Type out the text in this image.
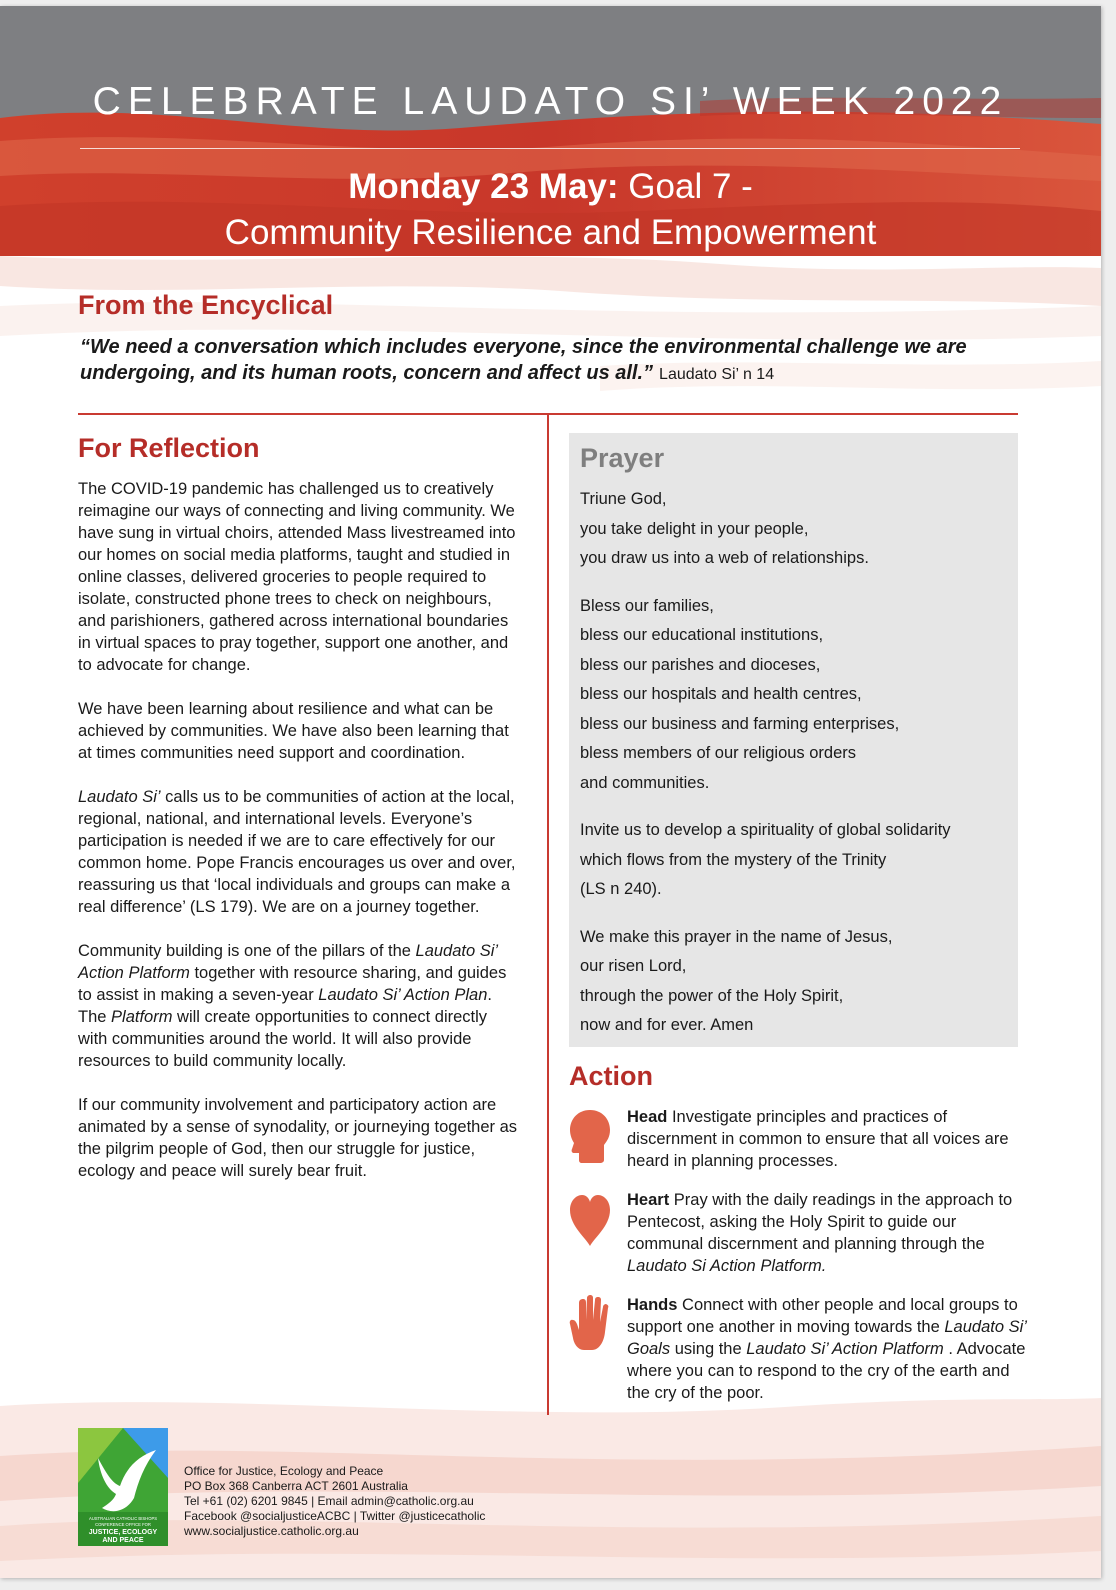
CELEBRATE LAUDATO SI’ WEEK 2022
Monday 23 May: Goal 7 -
Community Resilience and Empowerment
From the Encyclical
“We need a conversation which includes everyone, since the environmental challenge we are undergoing, and its human roots, concern and affect us all.” Laudato Si’ n 14
For Reflection

The COVID-19 pandemic has challenged us to creatively reimagine our ways of connecting and living community. We have sung in virtual choirs, attended Mass livestreamed into our homes on social media platforms, taught and studied in online classes, delivered groceries to people required to isolate, constructed phone trees to check on neighbours, and parishioners, gathered across international boundaries in virtual spaces to pray together, support one another, and to advocate for change.

We have been learning about resilience and what can be achieved by communities. We have also been learning that at times communities need support and coordination.

Laudato Si’ calls us to be communities of action at the local, regional, national, and international levels. Everyone’s participation is needed if we are to care effectively for our common home. Pope Francis encourages us over and over, reassuring us that ‘local individuals and groups can make a real difference’ (LS 179). We are on a journey together.

Community building is one of the pillars of the Laudato Si’ Action Platform together with resource sharing, and guides to assist in making a seven-year Laudato Si’ Action Plan. The Platform will create opportunities to connect directly with communities around the world. It will also provide resources to build community locally.

If our community involvement and participatory action are animated by a sense of synodality, or journeying together as the pilgrim people of God, then our struggle for justice, ecology and peace will surely bear fruit.

Prayer

Triune God,
you take delight in your people,
you draw us into a web of relationships.

Bless our families,
bless our educational institutions,
bless our parishes and dioceses,
bless our hospitals and health centres,
bless our business and farming enterprises,
bless members of our religious orders
and communities.

Invite us to develop a spirituality of global solidarity
which flows from the mystery of the Trinity
(LS n 240).

We make this prayer in the name of Jesus,
our risen Lord,
through the power of the Holy Spirit,
now and for ever. Amen

Action
Head Investigate principles and practices of discernment in common to ensure that all voices are heard in planning processes.
Heart Pray with the daily readings in the approach to Pentecost, asking the Holy Spirit to guide our communal discernment and planning through the Laudato Si Action Platform.
Hands Connect with other people and local groups to support one another in moving towards the Laudato Si’ Goals using the Laudato Si’ Action Platform . Advocate where you can to respond to the cry of the earth and the cry of the poor.
AUSTRALIAN CATHOLIC BISHOPS
CONFERENCE OFFICE FOR
JUSTICE, ECOLOGY
AND PEACE
Office for Justice, Ecology and Peace
PO Box 368 Canberra ACT 2601 Australia
Tel +61 (02) 6201 9845 | Email admin@catholic.org.au
Facebook @socialjusticeACBC | Twitter @justicecatholic
www.socialjustice.catholic.org.au
